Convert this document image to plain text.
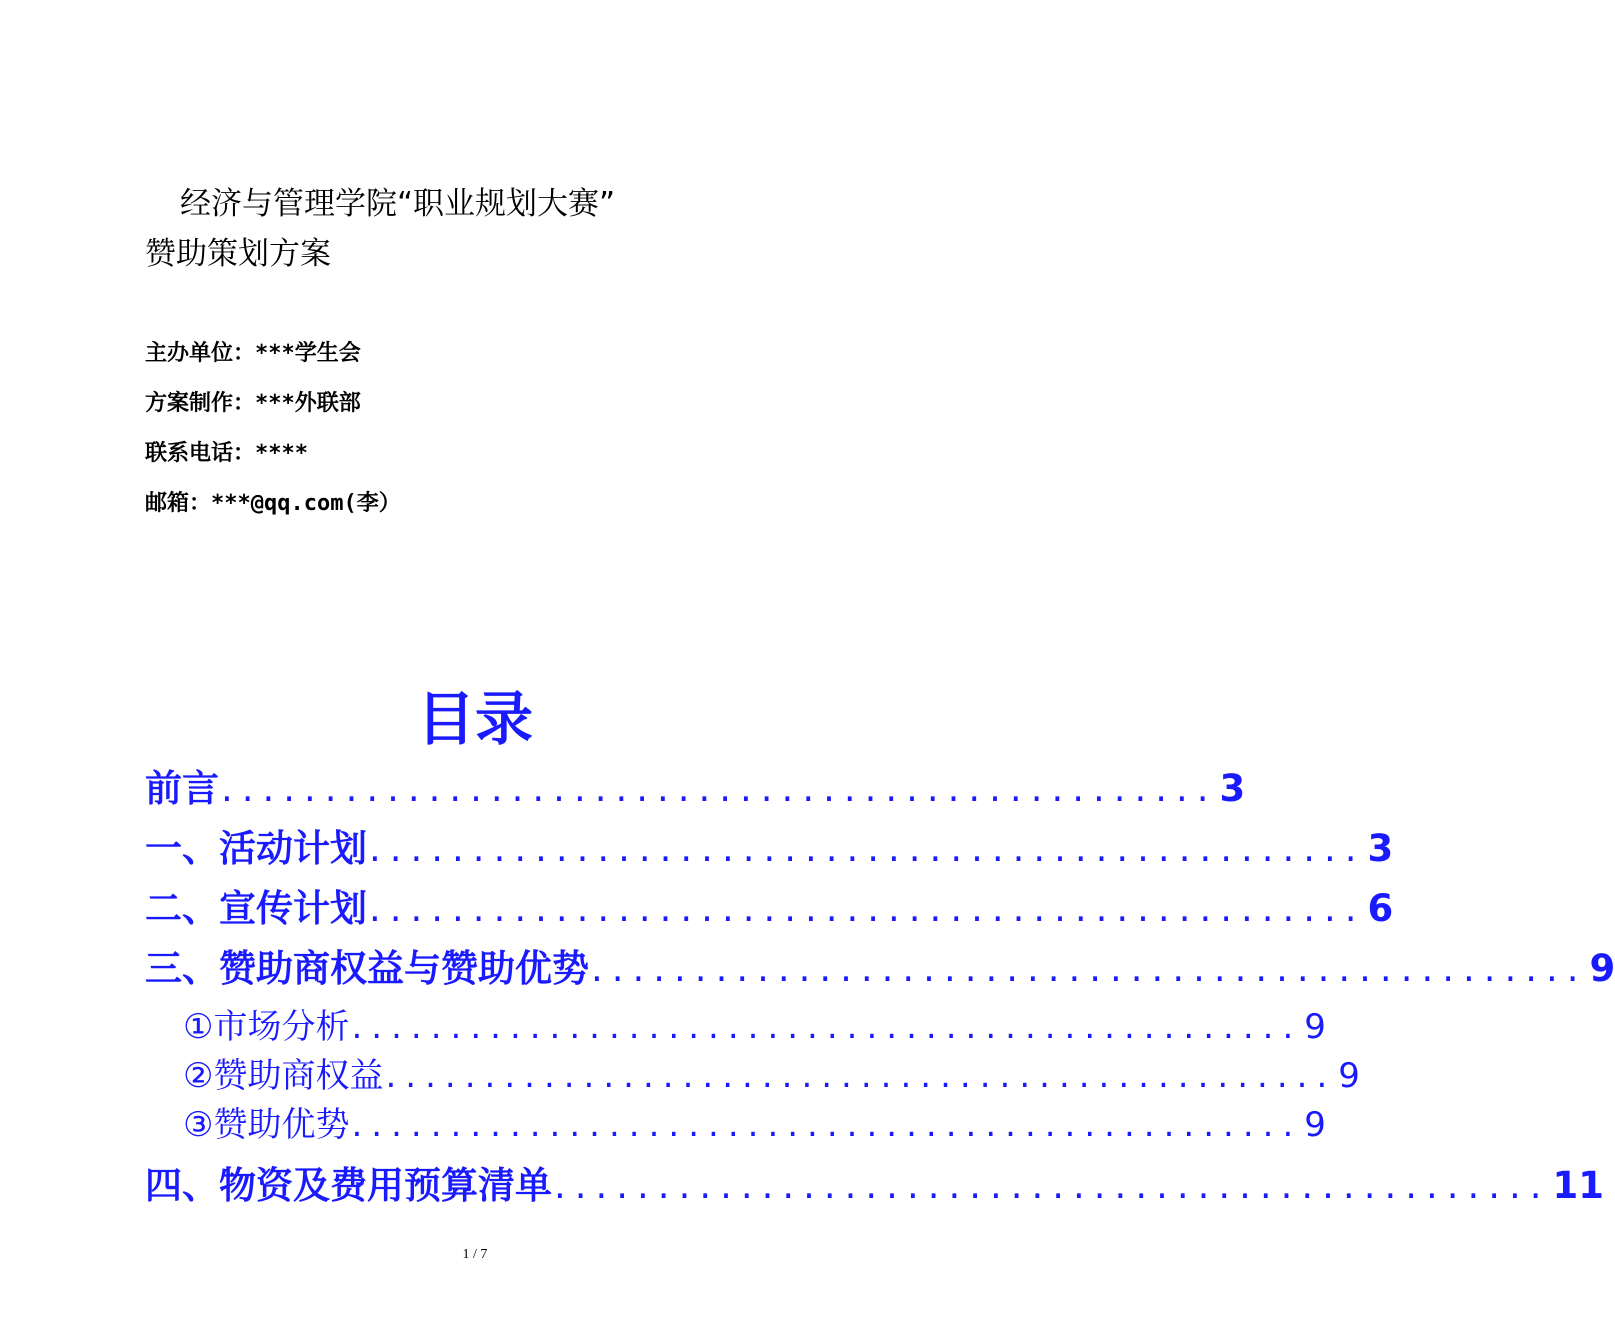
经济与管理学院“职业规划大赛”
赞助策划方案
主办单位：***学生会
方案制作：***外联部
联系电话：****
邮箱：***@qq.com(李）
目录
前言 ................................................ 3
一、活动计划 ................................................ 3
二、宣传计划 ................................................ 6
三、赞助商权益与赞助优势 ................................................ 9
①市场分析 ................................................ 9
②赞助商权益 ................................................ 9
③赞助优势 ................................................ 9
四、物资及费用预算清单 ................................................ 11
1 / 7
